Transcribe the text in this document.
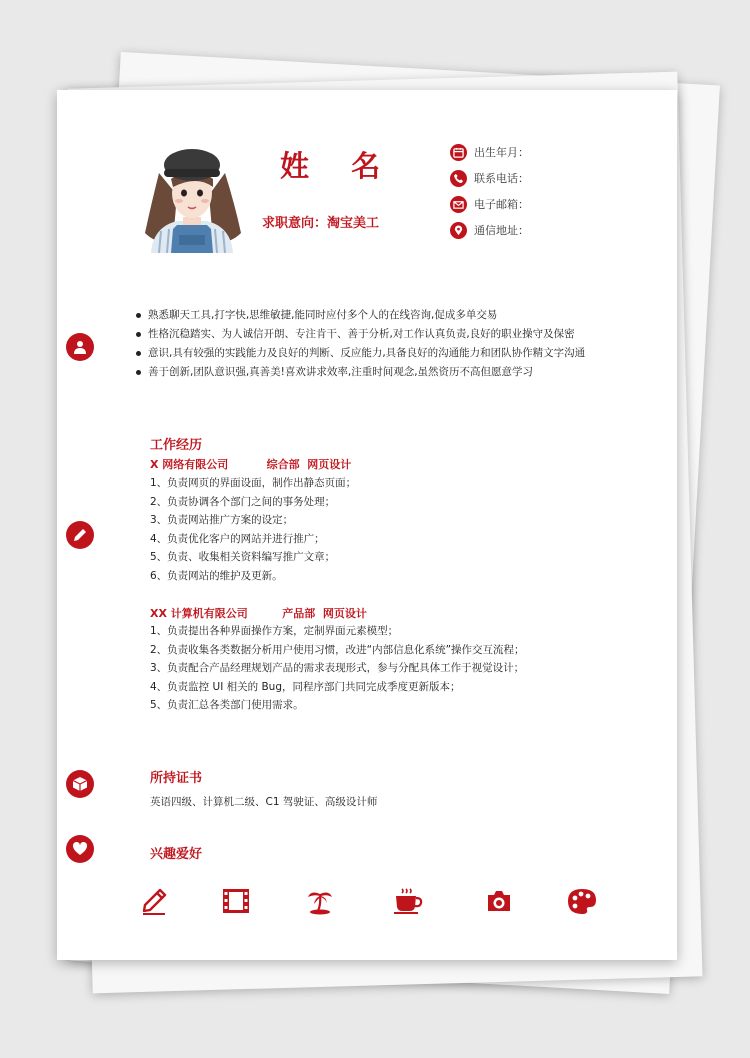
姓 名
求职意向：淘宝美工
出生年月：
联系电话：
电子邮箱：
通信地址：
熟悉聊天工具,打字快,思维敏捷,能同时应付多个人的在线咨询,促成多单交易
性格沉稳踏实、为人诚信开朗、专注肯干、善于分析,对工作认真负责,良好的职业操守及保密
意识,具有较强的实践能力及良好的判断、反应能力,具备良好的沟通能力和团队协作精文字沟通
善于创新,团队意识强,真善美!喜欢讲求效率,注重时间观念,虽然资历不高但愿意学习
工作经历
X 网络有限公司	综合部  网页设计
1、负责网页的界面设面，制作出静态页面；
2、负责协调各个部门之间的事务处理；
3、负责网站推广方案的设定；
4、负责优化客户的网站并进行推广；
5、负责、收集相关资料编写推广文章；
6、负责网站的维护及更新。
XX 计算机有限公司	产品部  网页设计
1、负责提出各种界面操作方案，定制界面元素模型；
2、负责收集各类数据分析用户使用习惯，改进“内部信息化系统”操作交互流程；
3、负责配合产品经理规划产品的需求表现形式，参与分配具体工作于视觉设计；
4、负责监控 UI 相关的 Bug，同程序部门共同完成季度更新版本；
5、负责汇总各类部门使用需求。
所持证书
英语四级、计算机二级、C1 驾驶证、高级设计师
兴趣爱好
